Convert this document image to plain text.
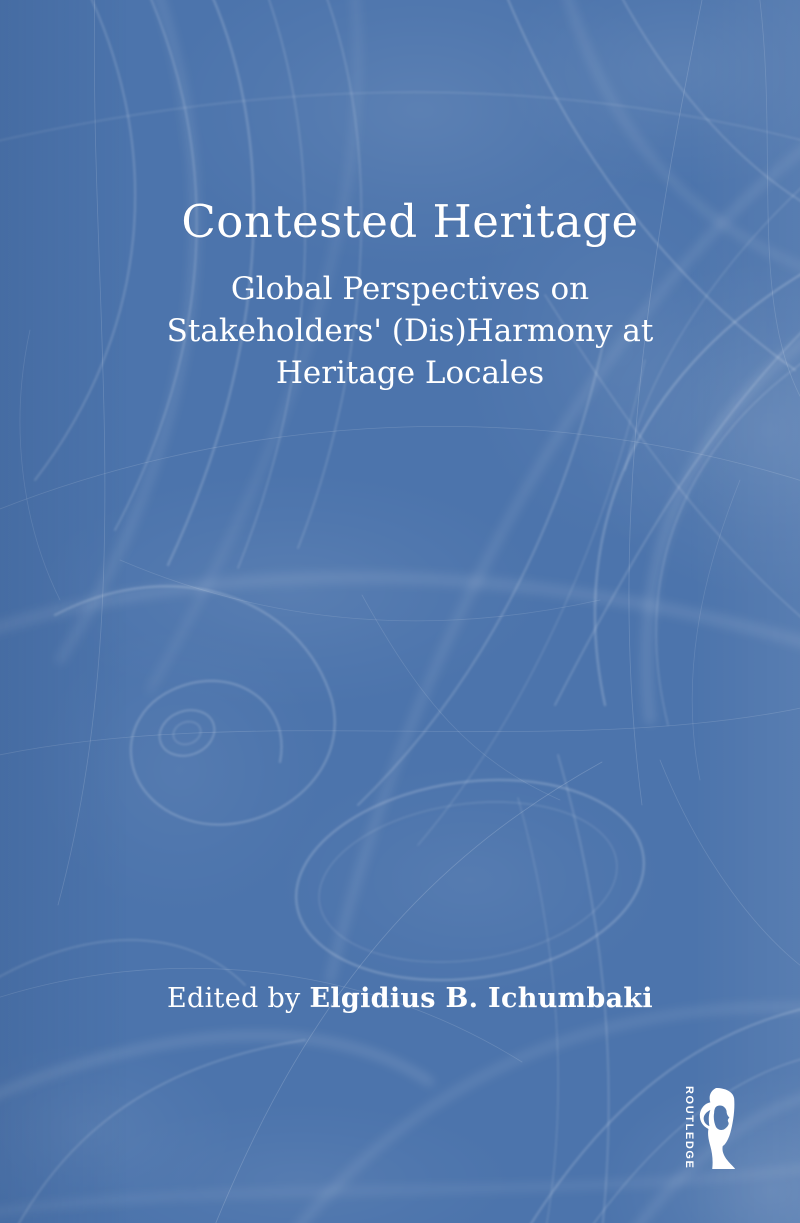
Contested Heritage
Global Perspectives on
Stakeholders' (Dis)Harmony at
Heritage Locales
Edited by Elgidius B. Ichumbaki
ROUTLEDGE
